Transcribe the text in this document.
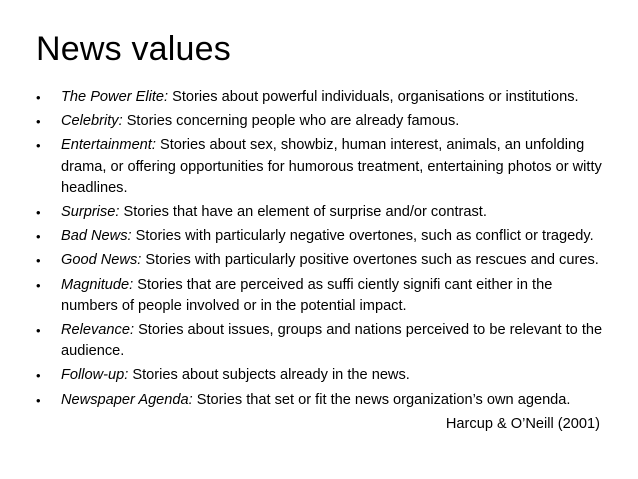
News values
•	The Power Elite: Stories about powerful individuals, organisations or institutions.
•	Celebrity: Stories concerning people who are already famous.
•	Entertainment: Stories about sex, showbiz, human interest, animals, an unfolding drama, or offering opportunities for humorous treatment, entertaining photos or witty headlines.
•	Surprise: Stories that have an element of surprise and/or contrast.
•	Bad News: Stories with particularly negative overtones, such as conflict or tragedy.
•	Good News: Stories with particularly positive overtones such as rescues and cures.
•	Magnitude: Stories that are perceived as suffi ciently signifi cant either in the numbers of people involved or in the potential impact.
•	Relevance: Stories about issues, groups and nations perceived to be relevant to the audience.
•	Follow-up: Stories about subjects already in the news.
•	Newspaper Agenda: Stories that set or fit the news organization’s own agenda.
Harcup & O’Neill (2001)
